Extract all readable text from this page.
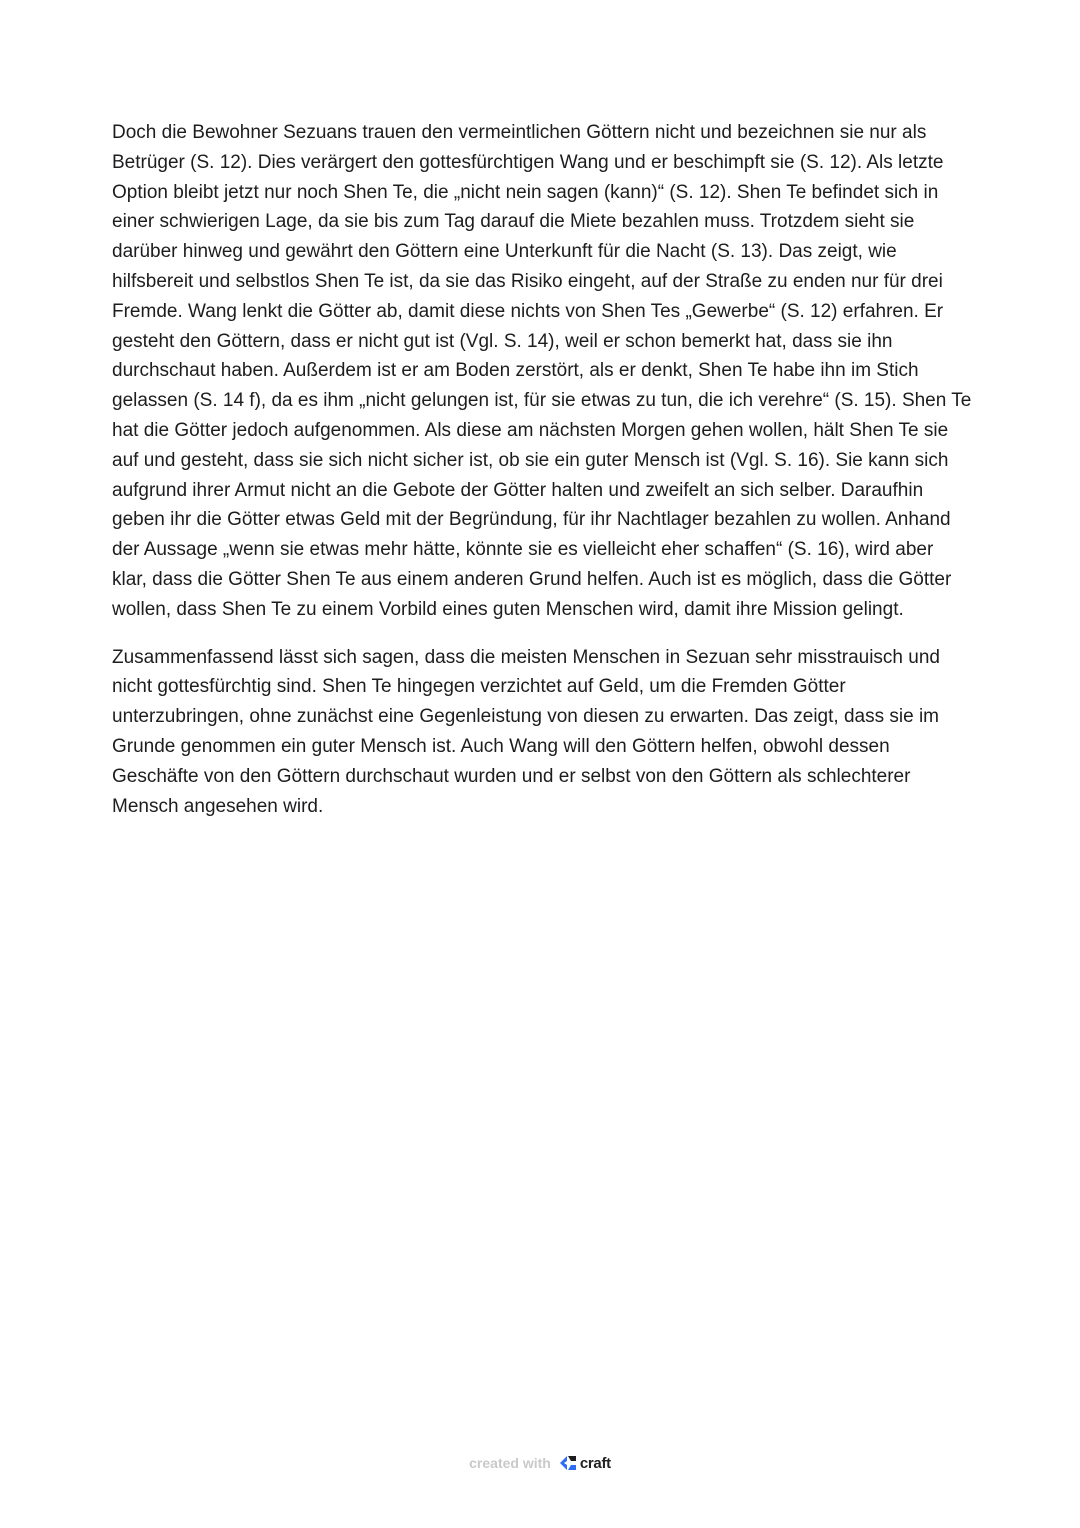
Doch die Bewohner Sezuans trauen den vermeintlichen Göttern nicht und bezeichnen sie nur als Betrüger (S. 12). Dies verärgert den gottesfürchtigen Wang und er beschimpft sie (S. 12). Als letzte Option bleibt jetzt nur noch Shen Te, die „nicht nein sagen (kann)“ (S. 12). Shen Te befindet sich in einer schwierigen Lage, da sie bis zum Tag darauf die Miete bezahlen muss. Trotzdem sieht sie darüber hinweg und gewährt den Göttern eine Unterkunft für die Nacht (S. 13). Das zeigt, wie hilfsbereit und selbstlos Shen Te ist, da sie das Risiko eingeht, auf der Straße zu enden nur für drei Fremde. Wang lenkt die Götter ab, damit diese nichts von Shen Tes „Gewerbe“ (S. 12) erfahren. Er gesteht den Göttern, dass er nicht gut ist (Vgl. S. 14), weil er schon bemerkt hat, dass sie ihn durchschaut haben. Außerdem ist er am Boden zerstört, als er denkt, Shen Te habe ihn im Stich gelassen (S. 14 f), da es ihm „nicht gelungen ist, für sie etwas zu tun, die ich verehre“ (S. 15). Shen Te hat die Götter jedoch aufgenommen. Als diese am nächsten Morgen gehen wollen, hält Shen Te sie auf und gesteht, dass sie sich nicht sicher ist, ob sie ein guter Mensch ist (Vgl. S. 16). Sie kann sich aufgrund ihrer Armut nicht an die Gebote der Götter halten und zweifelt an sich selber. Daraufhin geben ihr die Götter etwas Geld mit der Begründung, für ihr Nachtlager bezahlen zu wollen. Anhand der Aussage „wenn sie etwas mehr hätte, könnte sie es vielleicht eher schaffen“ (S. 16), wird aber klar, dass die Götter Shen Te aus einem anderen Grund helfen. Auch ist es möglich, dass die Götter wollen, dass Shen Te zu einem Vorbild eines guten Menschen wird, damit ihre Mission gelingt.

Zusammenfassend lässt sich sagen, dass die meisten Menschen in Sezuan sehr misstrauisch und nicht gottesfürchtig sind. Shen Te hingegen verzichtet auf Geld, um die Fremden Götter unterzubringen, ohne zunächst eine Gegenleistung von diesen zu erwarten. Das zeigt, dass sie im Grunde genommen ein guter Mensch ist. Auch Wang will den Göttern helfen, obwohl dessen Geschäfte von den Göttern durchschaut wurden und er selbst von den Göttern als schlechterer Mensch angesehen wird.

created with craft
